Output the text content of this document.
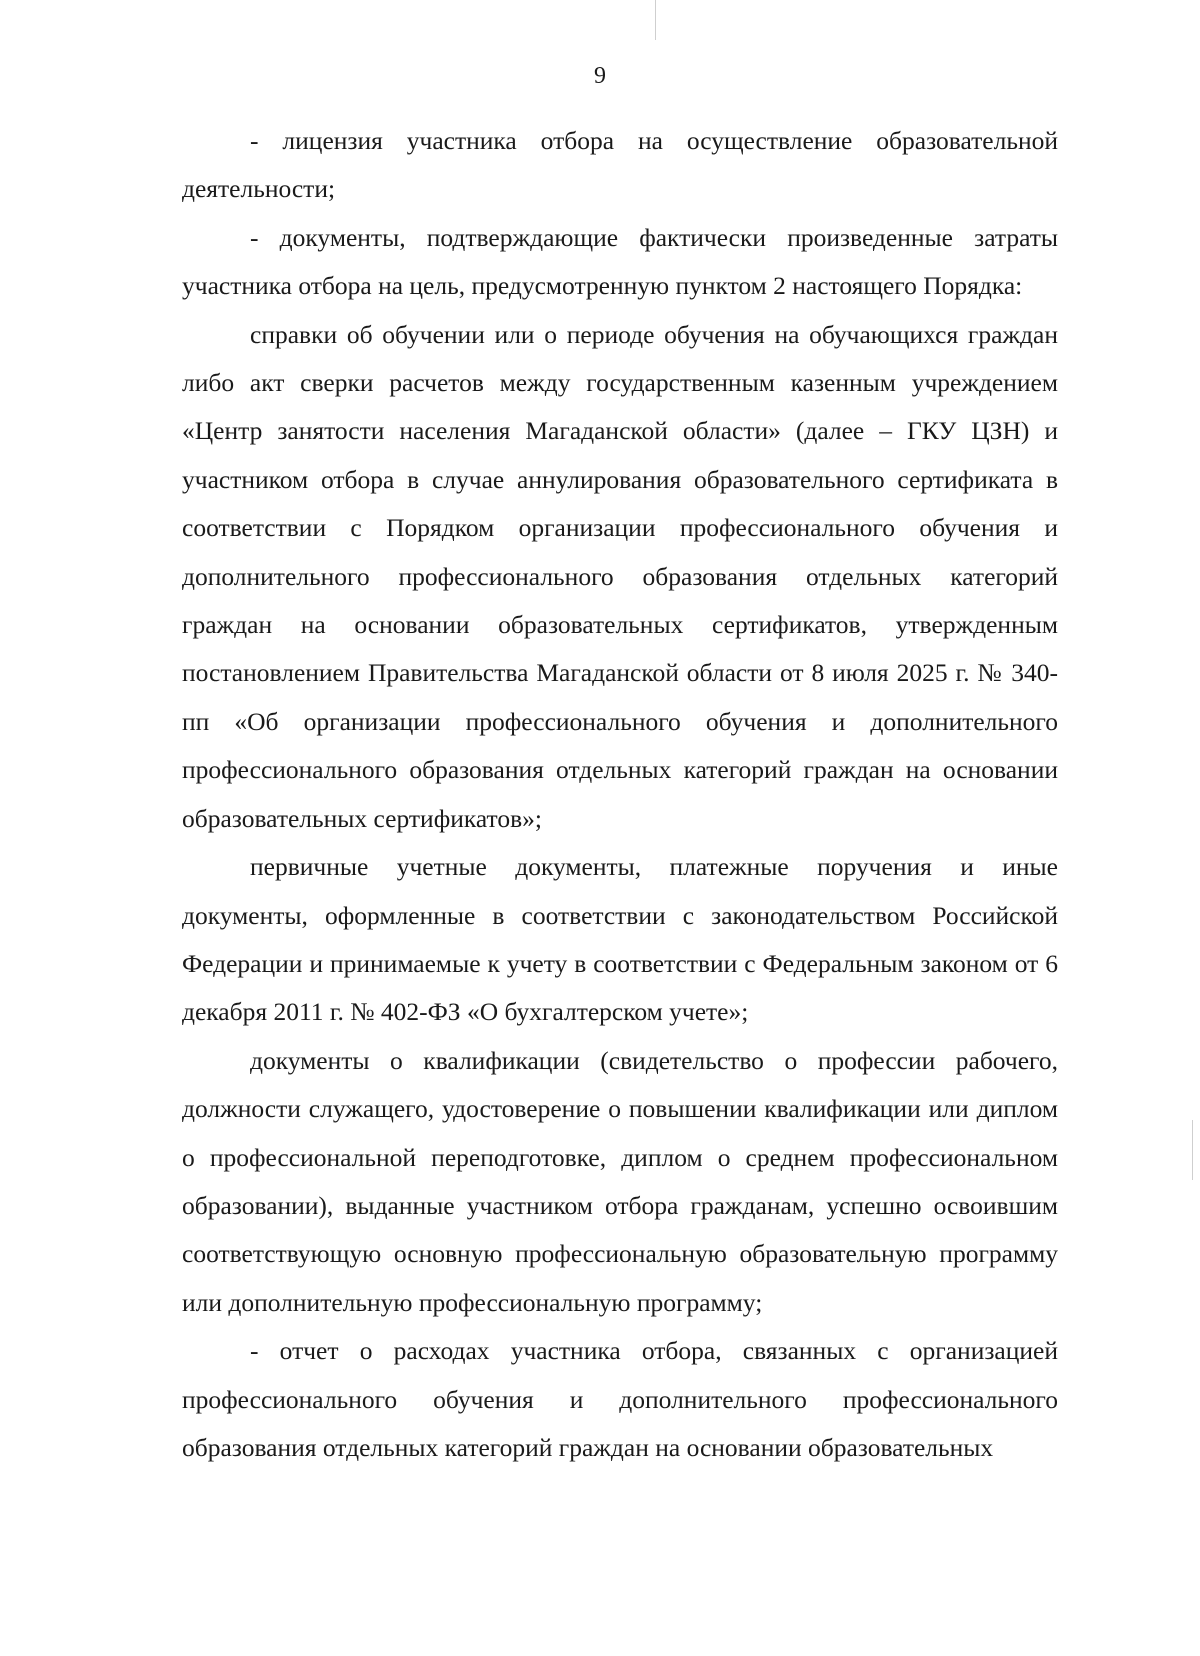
9

- лицензия участника отбора на осуществление образовательной деятельности;

- документы, подтверждающие фактически произведенные затраты участника отбора на цель, предусмотренную пунктом 2 настоящего Порядка:

справки об обучении или о периоде обучения на обучающихся граждан либо акт сверки расчетов между государственным казенным учреждением «Центр занятости населения Магаданской области» (далее – ГКУ ЦЗН) и участником отбора в случае аннулирования образовательного сертификата в соответствии с Порядком организации профессионального обучения и дополнительного профессионального образования отдельных категорий граждан на основании образовательных сертификатов, утвержденным постановлением Правительства Магаданской области от 8 июля 2025 г. № 340-пп «Об организации профессионального обучения и дополнительного профессионального образования отдельных категорий граждан на основании образовательных сертификатов»;

первичные учетные документы, платежные поручения и иные документы, оформленные в соответствии с законодательством Российской Федерации и принимаемые к учету в соответствии с Федеральным законом от 6 декабря 2011 г. № 402-ФЗ «О бухгалтерском учете»;

документы о квалификации (свидетельство о профессии рабочего, должности служащего, удостоверение о повышении квалификации или диплом о профессиональной переподготовке, диплом о среднем профессиональном образовании), выданные участником отбора гражданам, успешно освоившим соответствующую основную профессиональную образовательную программу или дополнительную профессиональную программу;

- отчет о расходах участника отбора, связанных с организацией профессионального обучения и дополнительного профессионального образования отдельных категорий граждан на основании образовательных
